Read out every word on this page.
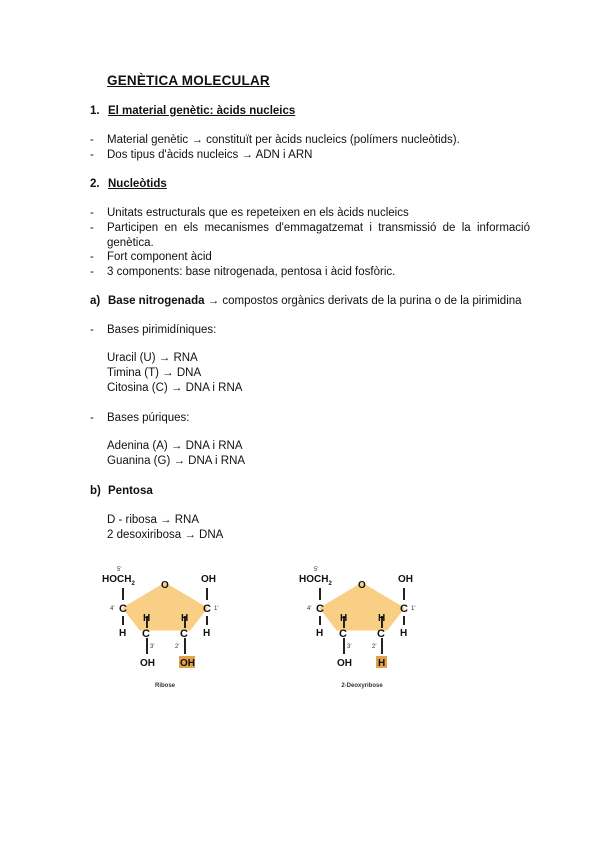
GENÈTICA MOLECULAR
1. El material genètic: àcids nucleics
- Material genètic → constituït per àcids nucleics (polímers nucleòtids).
- Dos tipus d'àcids nucleics → ADN i ARN
2. Nucleòtids
- Unitats estructurals que es repeteixen en els àcids nucleics
- Participen en els mecanismes d'emmagatzemat i transmissió de la informació genètica.
- Fort component àcid
- 3 components: base nitrogenada, pentosa i àcid fosfòric.
a) Base nitrogenada → compostos orgànics derivats de la purina o de la pirimidina
- Bases pirimidíniques:
Uracil (U) → RNA
Timina (T) → DNA
Citosina (C) → DNA i RNA
- Bases púriques:
Adenina (A) → DNA i RNA
Guanina (G) → DNA i RNA
b) Pentosa
D - ribosa → RNA
2 desoxiribosa → DNA
$HOCH_2$	O
OH
C	C
H	H
H	H
C	C
OH	OH
5'
4'	1'
3'	2'
Ribose
$HOCH_2$	O
OH
C	C
H	H
H	H
C	C
OH	H
5'
4'	1'
3'	2'
2-Deoxyribose
